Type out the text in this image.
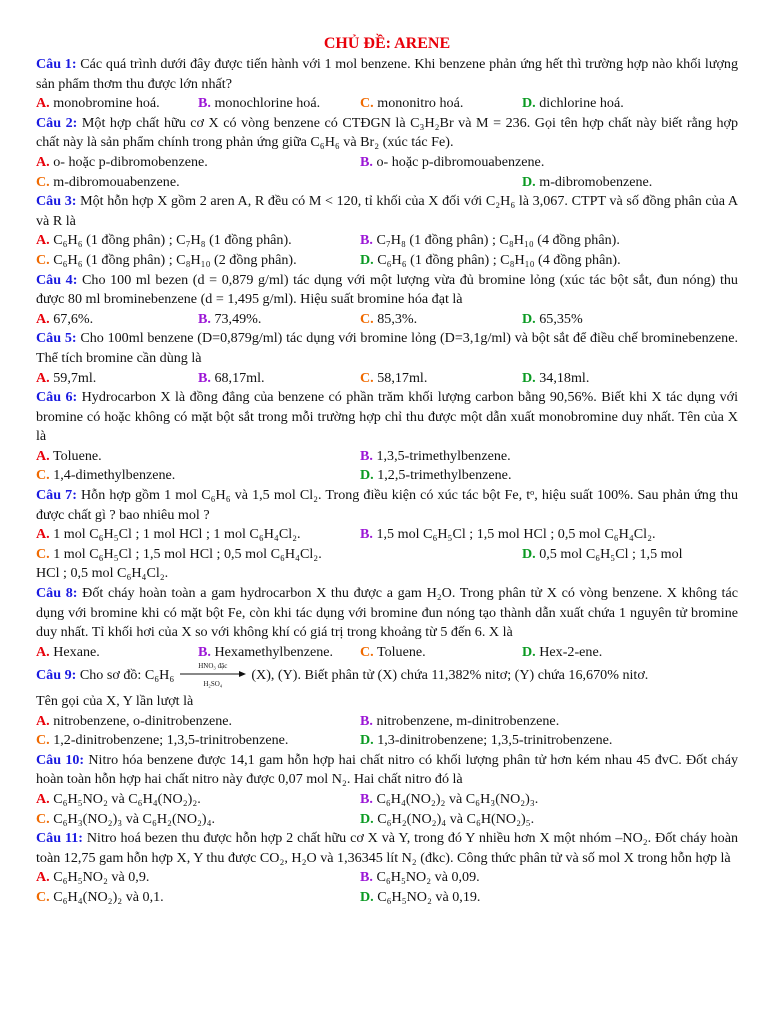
CHỦ ĐỀ: ARENE
Câu 1: Các quá trình dưới đây được tiến hành với 1 mol benzene. Khi benzene phản ứng hết thì trường hợp nào khối lượng sản phẩm thơm thu được lớn nhất?
A. monobromine hoá.	B. monochlorine hoá.	C. mononitro hoá.	D. dichlorine hoá.
Câu 2: Một hợp chất hữu cơ X có vòng benzene có CTĐGN là C₃H₂Br và M = 236. Gọi tên hợp chất này biết rằng hợp chất này là sản phẩm chính trong phản ứng giữa C₆H₆ và Br₂ (xúc tác Fe).
A. o- hoặc p-dibromobenzene.	B. o- hoặc p-dibromouabenzene.
C. m-dibromouabenzene.	D. m-dibromobenzene.
Câu 3: Một hỗn hợp X gồm 2 aren A, R đều có M < 120, tỉ khối của X đối với C₂H₆ là 3,067. CTPT và số đồng phân của A và R là
A. C₆H₆ (1 đồng phân) ; C₇H₈ (1 đồng phân).	B. C₇H₈ (1 đồng phân) ; C₈H₁₀ (4 đồng phân).
C. C₆H₆ (1 đồng phân) ; C₈H₁₀ (2 đồng phân).	D. C₆H₆ (1 đồng phân) ; C₈H₁₀ (4 đồng phân).
Câu 4: Cho 100 ml bezen (d = 0,879 g/ml) tác dụng với một lượng vừa đủ bromine lỏng (xúc tác bột sắt, đun nóng) thu được 80 ml brominebenzene (d = 1,495 g/ml). Hiệu suất bromine hóa đạt là
A. 67,6%.	B. 73,49%.	C. 85,3%.	D. 65,35%
Câu 5: Cho 100ml benzene (D=0,879g/ml) tác dụng với bromine lỏng (D=3,1g/ml) và bột sắt để điều chế brominebenzene. Thể tích bromine cần dùng là
A. 59,7ml.	B. 68,17ml.	C. 58,17ml.	D. 34,18ml.
Câu 6: Hydrocarbon X là đồng đẳng của benzene có phần trăm khối lượng carbon bằng 90,56%. Biết khi X tác dụng với bromine có hoặc không có mặt bột sắt trong mỗi trường hợp chỉ thu được một dẫn xuất monobromine duy nhất. Tên của X là
A. Toluene.	B. 1,3,5-trimethylbenzene.
C. 1,4-dimethylbenzene.	D. 1,2,5-trimethylbenzene.
Câu 7: Hỗn hợp gồm 1 mol C₆H₆ và 1,5 mol Cl₂. Trong điều kiện có xúc tác bột Fe, tᵒ, hiệu suất 100%. Sau phản ứng thu được chất gì ? bao nhiêu mol ?
A. 1 mol C₆H₅Cl ; 1 mol HCl ; 1 mol C₆H₄Cl₂.	B. 1,5 mol C₆H₅Cl ; 1,5 mol HCl ; 0,5 mol C₆H₄Cl₂.
C. 1 mol C₆H₅Cl ; 1,5 mol HCl ; 0,5 mol C₆H₄Cl₂.	D. 0,5 mol C₆H₅Cl ; 1,5 mol
HCl ; 0,5 mol C₆H₄Cl₂.
Câu 8: Đốt cháy hoàn toàn a gam hydrocarbon X thu được a gam H₂O. Trong phân tử X có vòng benzene. X không tác dụng với bromine khi có mặt bột Fe, còn khi tác dụng với bromine đun nóng tạo thành dẫn xuất chứa 1 nguyên tử bromine duy nhất. Tỉ khối hơi của X so với không khí có giá trị trong khoảng từ 5 đến 6. X là
A. Hexane.	B. Hexamethylbenzene.	C. Toluene.	D. Hex-2-ene.
Câu 9: Cho sơ đồ: C₆H₆
HNO₃ đặc
H₂SO₄
(X), (Y). Biết phân tử (X) chứa 11,382% nitơ; (Y) chứa 16,670% nitơ.
Tên gọi của X, Y lần lượt là
A. nitrobenzene, o-dinitrobenzene.	B. nitrobenzene, m-dinitrobenzene.
C. 1,2-dinitrobenzene; 1,3,5-trinitrobenzene.	D. 1,3-dinitrobenzene; 1,3,5-trinitrobenzene.
Câu 10: Nitro hóa benzene được 14,1 gam hỗn hợp hai chất nitro có khối lượng phân tử hơn kém nhau 45 đvC. Đốt cháy hoàn toàn hỗn hợp hai chất nitro này được 0,07 mol N₂. Hai chất nitro đó là
A. C₆H₅NO₂ và C₆H₄(NO₂)₂.	B. C₆H₄(NO₂)₂ và C₆H₃(NO₂)₃.
C. C₆H₃(NO₂)₃ và C₆H₂(NO₂)₄.	D. C₆H₂(NO₂)₄ và C₆H(NO₂)₅.
Câu 11: Nitro hoá bezen thu được hỗn hợp 2 chất hữu cơ X và Y, trong đó Y nhiều hơn X một nhóm –NO₂. Đốt cháy hoàn toàn 12,75 gam hỗn hợp X, Y thu được CO₂, H₂O và 1,36345 lít N₂ (đkc). Công thức phân tử và số mol X trong hỗn hợp là
A. C₆H₅NO₂ và 0,9.	B. C₆H₅NO₂ và 0,09.
C. C₆H₄(NO₂)₂ và 0,1.	D. C₆H₅NO₂ và 0,19.
